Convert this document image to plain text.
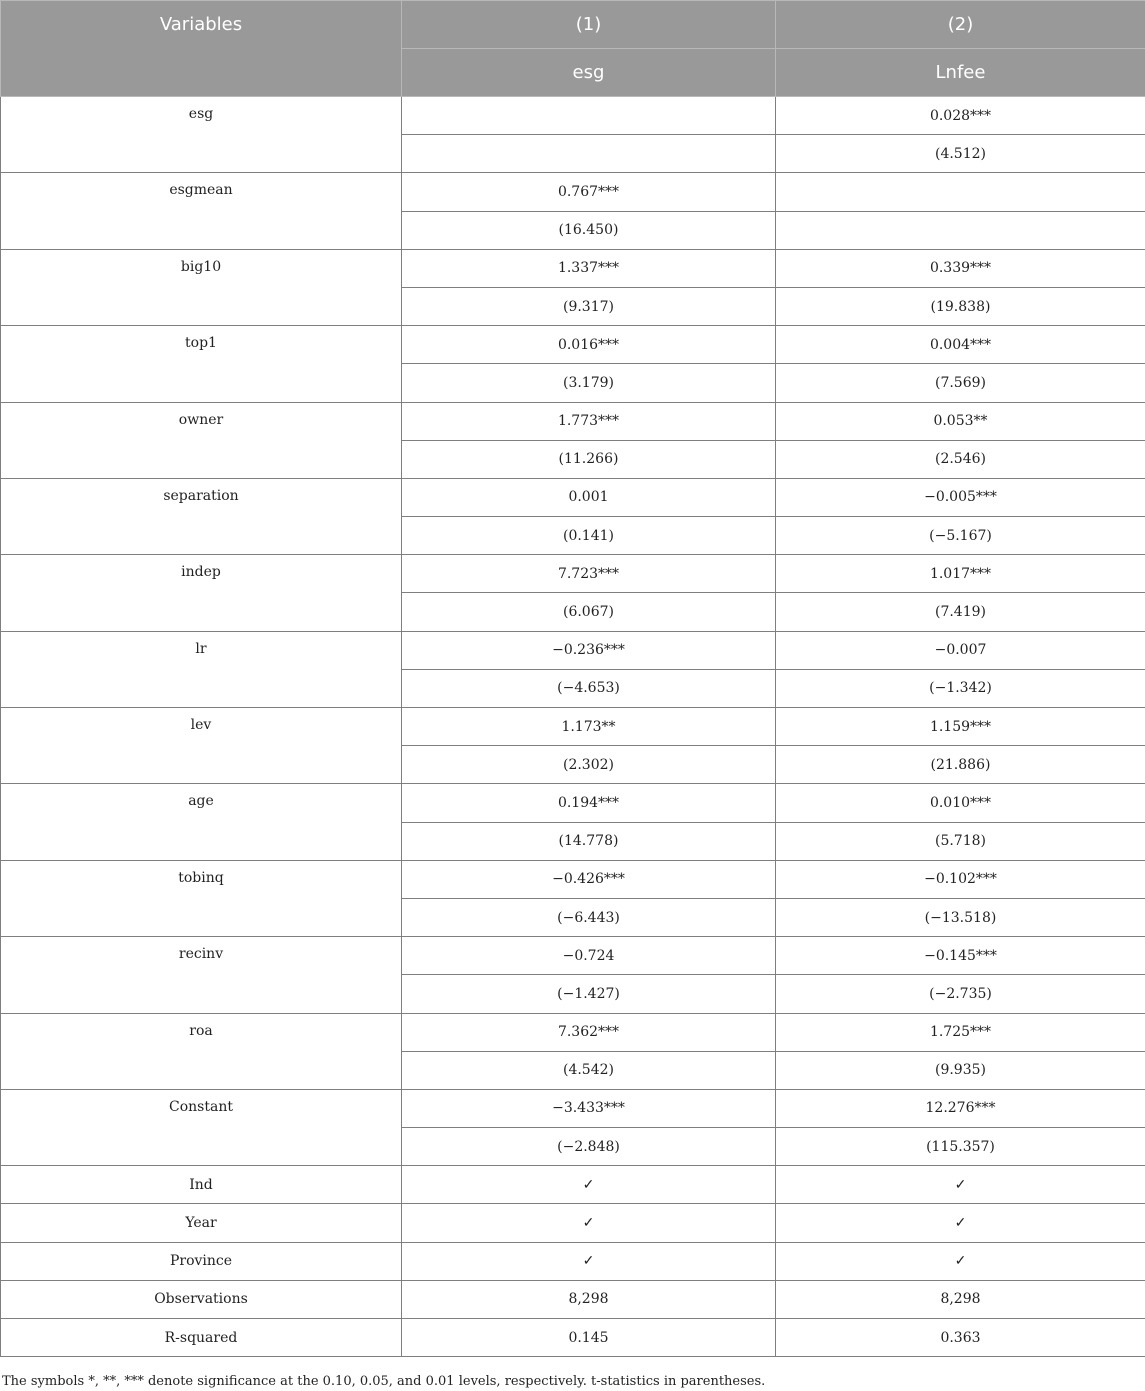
Variables	(1)	(2)
	esg	Lnfee
esg		0.028***
		(4.512)
esgmean	0.767***	
	(16.450)	
big10	1.337***	0.339***
	(9.317)	(19.838)
top1	0.016***	0.004***
	(3.179)	(7.569)
owner	1.773***	0.053**
	(11.266)	(2.546)
separation	0.001	−0.005***
	(0.141)	(−5.167)
indep	7.723***	1.017***
	(6.067)	(7.419)
lr	−0.236***	−0.007
	(−4.653)	(−1.342)
lev	1.173**	1.159***
	(2.302)	(21.886)
age	0.194***	0.010***
	(14.778)	(5.718)
tobinq	−0.426***	−0.102***
	(−6.443)	(−13.518)
recinv	−0.724	−0.145***
	(−1.427)	(−2.735)
roa	7.362***	1.725***
	(4.542)	(9.935)
Constant	−3.433***	12.276***
	(−2.848)	(115.357)
Ind	✓	✓
Year	✓	✓
Province	✓	✓
Observations	8,298	8,298
R-squared	0.145	0.363
The symbols *, **, *** denote significance at the 0.10, 0.05, and 0.01 levels, respectively. t-statistics in parentheses.
